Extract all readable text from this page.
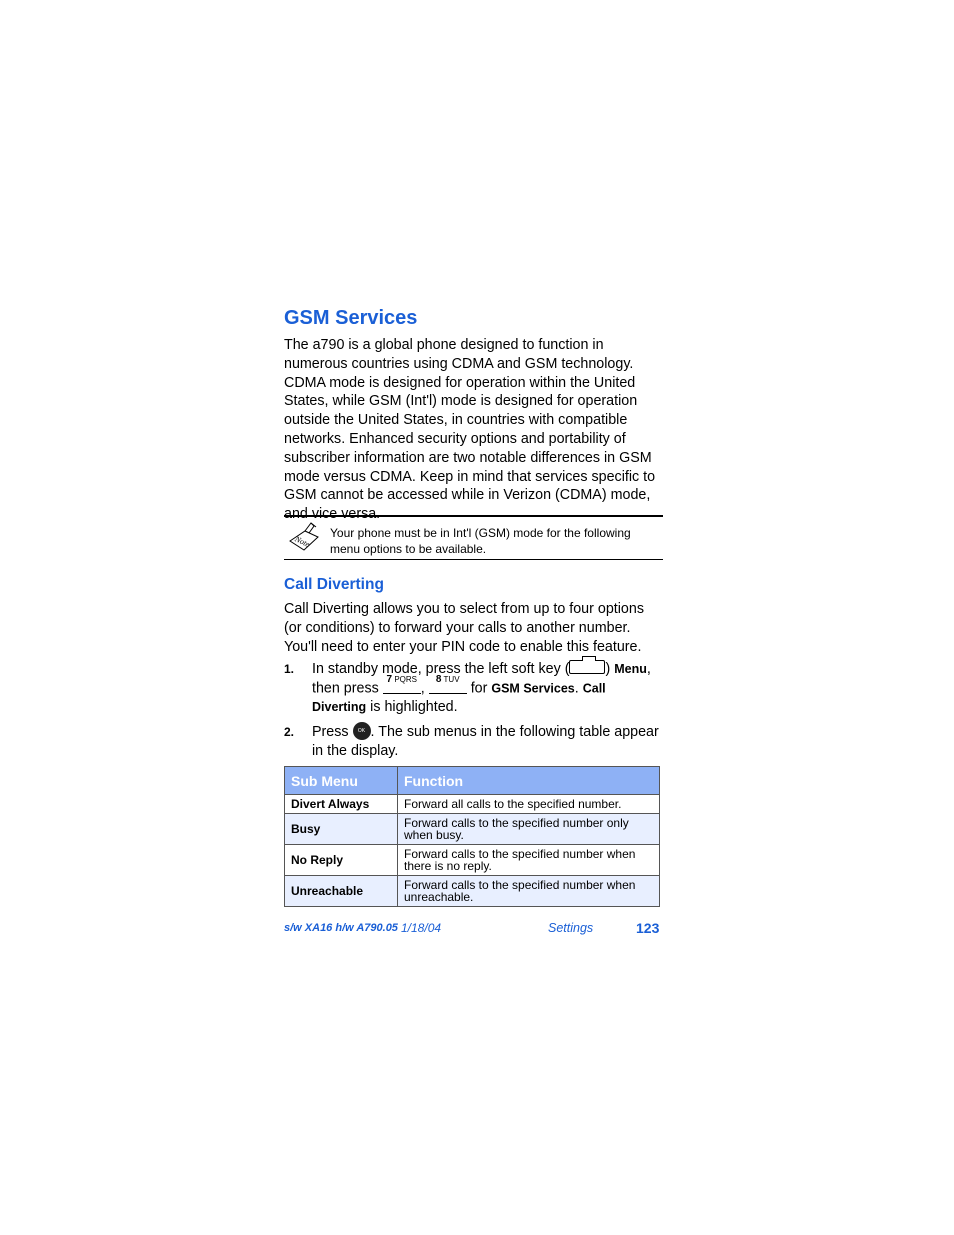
GSM Services
The a790 is a global phone designed to function in numerous countries using CDMA and GSM technology. CDMA mode is designed for operation within the United States, while GSM (Int'l) mode is designed for operation outside the United States, in countries with compatible networks. Enhanced security options and portability of subscriber information are two notable differences in GSM mode versus CDMA. Keep in mind that services specific to GSM cannot be accessed while in Verizon (CDMA) mode, and vice versa.
Note
Your phone must be in Int'l (GSM) mode for the following menu options to be available.
Call Diverting
Call Diverting allows you to select from up to four options (or conditions) to forward your calls to another number. You'll need to enter your PIN code to enable this feature.
1. In standby mode, press the left soft key (	) Menu, then press 7 PQRS, 8 TUV for GSM Services. Call Diverting is highlighted.
2. Press OK . The sub menus in the following table appear in the display.
Sub Menu	Function
Divert Always	Forward all calls to the specified number.
Busy	Forward calls to the specified number only when busy.
No Reply	Forward calls to the specified number when there is no reply.
Unreachable	Forward calls to the specified number when unreachable.
s/w XA16 h/w A790.05 1/18/04	Settings	123
